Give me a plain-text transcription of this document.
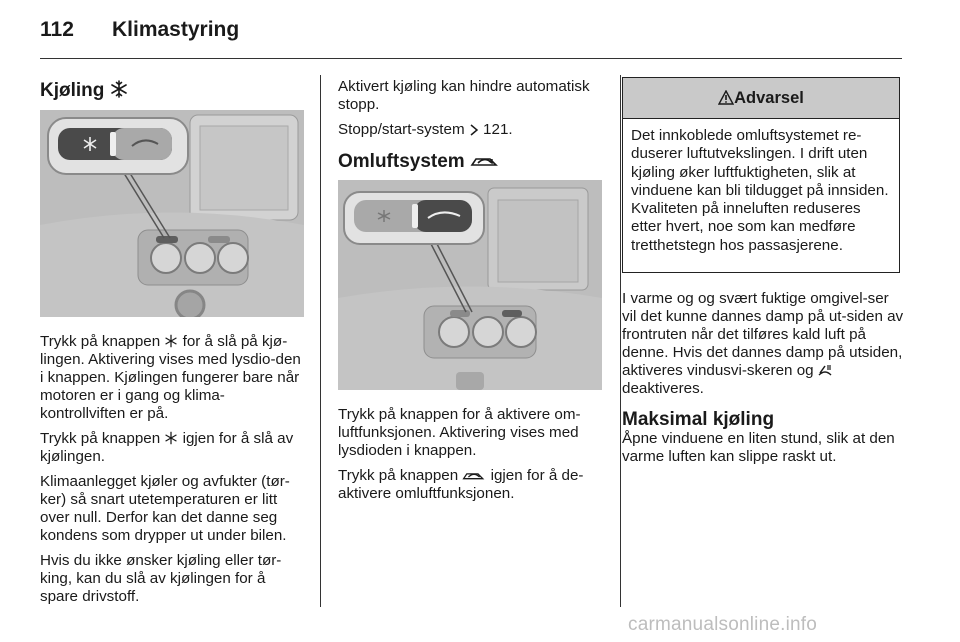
112 Klimastyring
Kjøling

Trykk på knappen  for å slå på kjø-lingen. Aktivering vises med lysdio-den i knappen. Kjølingen fungerer bare når motoren er i gang og klima-kontrollviften er på.

Trykk på knappen  igjen for å slå av kjølingen.

Klimaanlegget kjøler og avfukter (tør-ker) så snart utetemperaturen er litt over null. Derfor kan det danne seg kondens som drypper ut under bilen.

Hvis du ikke ønsker kjøling eller tør-king, kan du slå av kjølingen for å spare drivstoff.

Aktivert kjøling kan hindre automatisk stopp.

Stopp/start-system  121.

Omluftsystem

Trykk på knappen for å aktivere om-luftfunksjonen. Aktivering vises med lysdioden i knappen.

Trykk på knappen  igjen for å de-aktivere omluftfunksjonen.

Advarsel
Det innkoblede omluftsystemet re-duserer luftutvekslingen. I drift uten kjøling øker luftfuktigheten, slik at vinduene kan bli tildugget på innsiden. Kvaliteten på inneluften reduseres etter hvert, noe som kan medføre tretthetstegn hos passasjerene.

I varme og og svært fuktige omgivel-ser vil det kunne dannes damp på ut-siden av frontruten når det tilføres kald luft på denne. Hvis det dannes damp på utsiden, aktiveres vindusvi-skeren og  deaktiveres.

Maksimal kjøling

Åpne vinduene en liten stund, slik at den varme luften kan slippe raskt ut.

carmanualsonline.info
